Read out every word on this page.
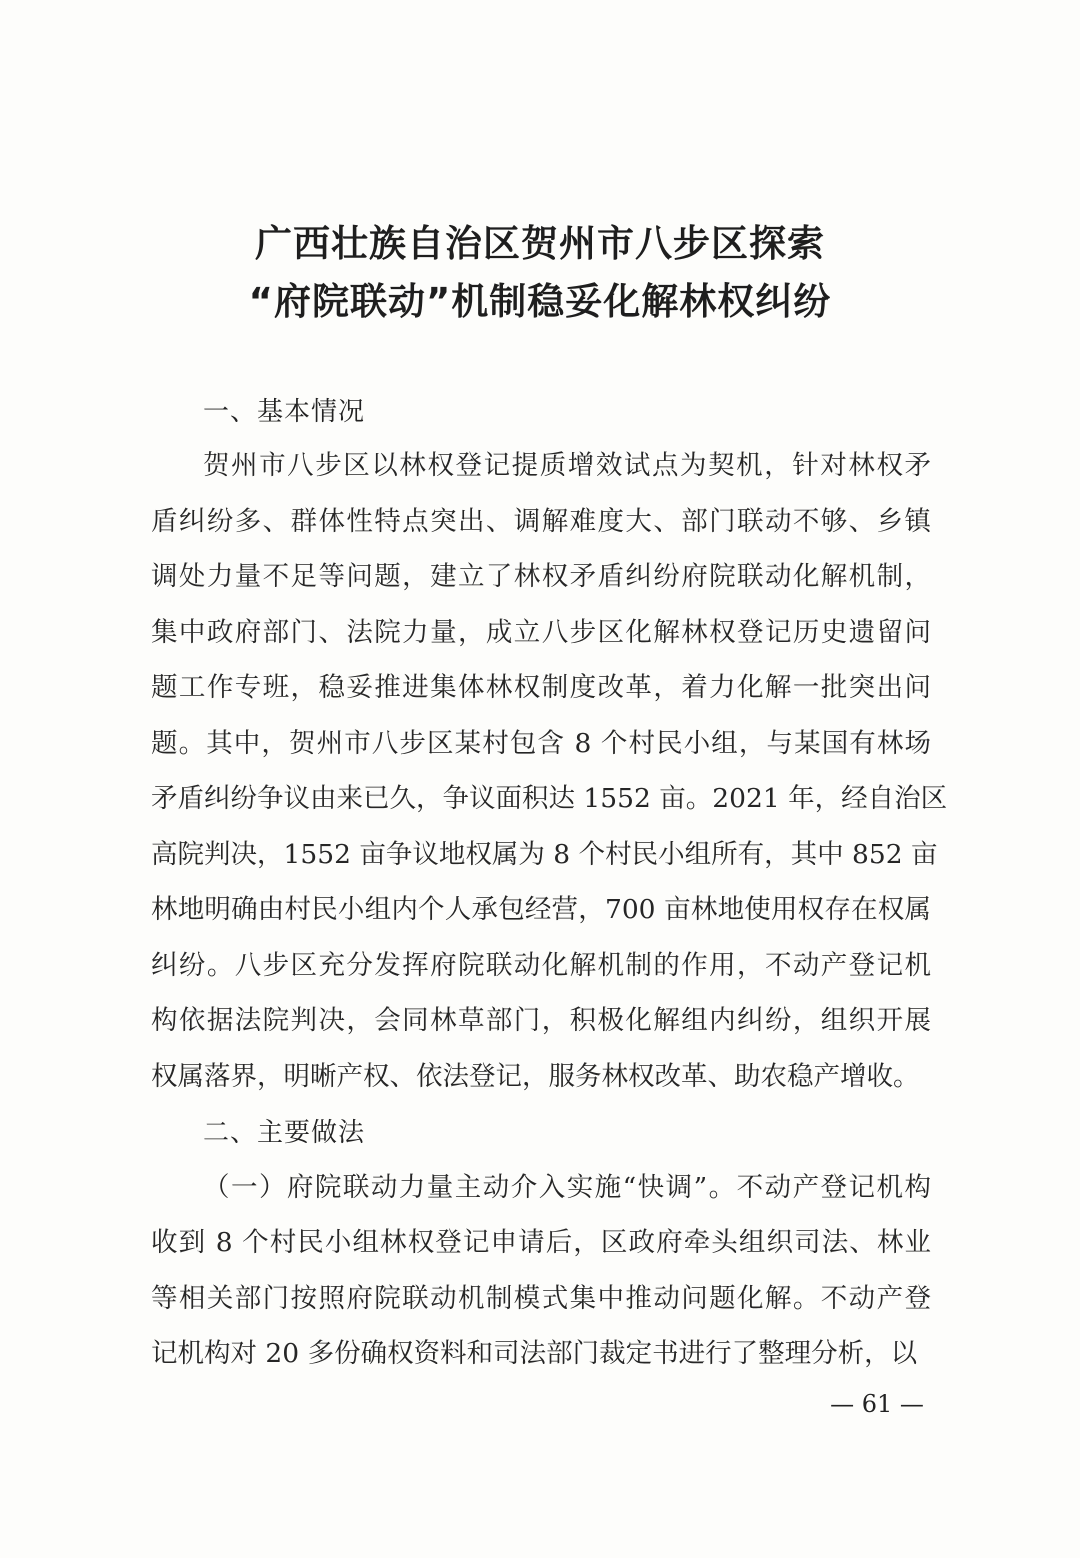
广西壮族自治区贺州市八步区探索
“府院联动”机制稳妥化解林权纠纷
一、基本情况
贺州市八步区以林权登记提质增效试点为契机，针对林权矛
盾纠纷多、群体性特点突出、调解难度大、部门联动不够、乡镇
调处力量不足等问题，建立了林权矛盾纠纷府院联动化解机制，
集中政府部门、法院力量，成立八步区化解林权登记历史遗留问
题工作专班，稳妥推进集体林权制度改革，着力化解一批突出问
题。其中，贺州市八步区某村包含 8 个村民小组，与某国有林场
矛盾纠纷争议由来已久，争议面积达 1552 亩。2021 年，经自治区
高院判决，1552 亩争议地权属为 8 个村民小组所有，其中 852 亩
林地明确由村民小组内个人承包经营，700 亩林地使用权存在权属
纠纷。八步区充分发挥府院联动化解机制的作用，不动产登记机
构依据法院判决，会同林草部门，积极化解组内纠纷，组织开展
权属落界，明晰产权、依法登记，服务林权改革、助农稳产增收。
二、主要做法
（一）府院联动力量主动介入实施“快调”。不动产登记机构
收到 8 个村民小组林权登记申请后，区政府牵头组织司法、林业
等相关部门按照府院联动机制模式集中推动问题化解。不动产登
记机构对 20 多份确权资料和司法部门裁定书进行了整理分析，以
— 61 —
